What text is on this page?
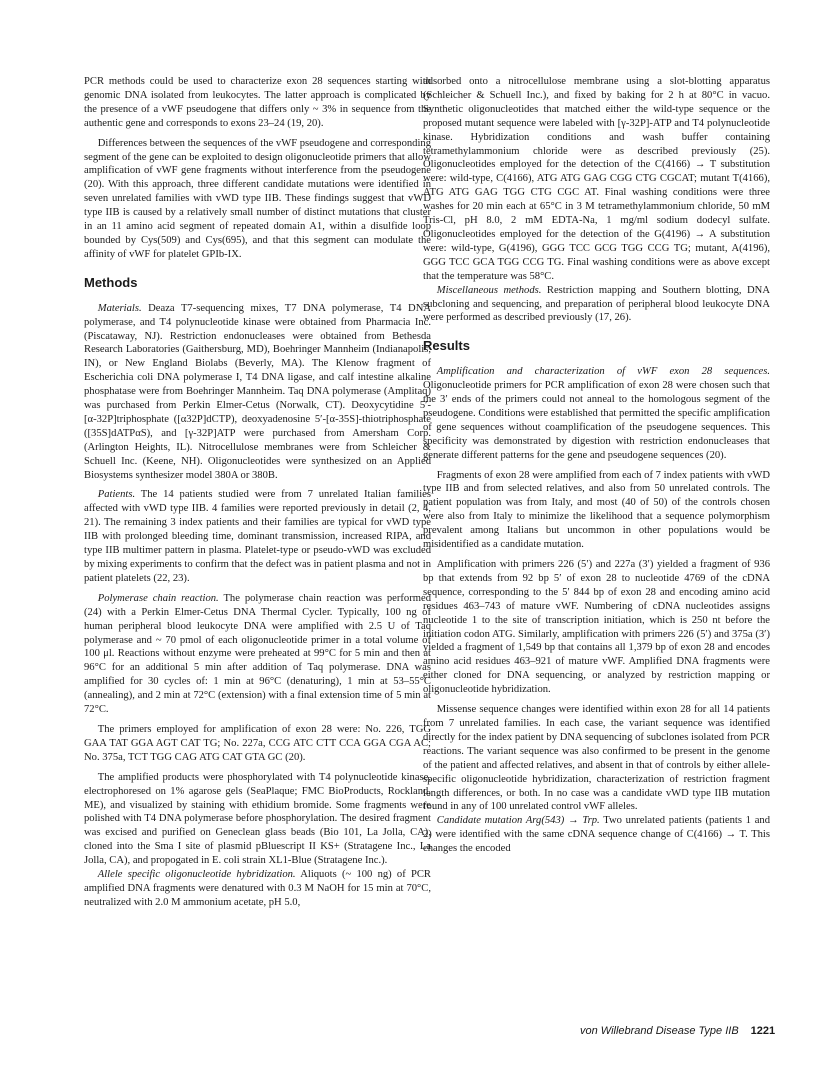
PCR methods could be used to characterize exon 28 sequences starting with genomic DNA isolated from leukocytes. The latter approach is complicated by the presence of a vWF pseudogene that differs only ~ 3% in sequence from the authentic gene and corresponds to exons 23–24 (19, 20).

Differences between the sequences of the vWF pseudogene and corresponding segment of the gene can be exploited to design oligonucleotide primers that allow amplification of vWF gene fragments without interference from the pseudogene (20). With this approach, three different candidate mutations were identified in seven unrelated families with vWD type IIB. These findings suggest that vWD type IIB is caused by a relatively small number of distinct mutations that cluster in an 11 amino acid segment of repeated domain A1, within a disulfide loop bounded by Cys(509) and Cys(695), and that this segment can modulate the affinity of vWF for platelet GPIb-IX.

Methods

Materials. Deaza T7-sequencing mixes, T7 DNA polymerase, T4 DNA polymerase, and T4 polynucleotide kinase were obtained from Pharmacia Inc. (Piscataway, NJ). Restriction endonucleases were obtained from Bethesda Research Laboratories (Gaithersburg, MD), Boehringer Mannheim (Indianapolis, IN), or New England Biolabs (Beverly, MA). The Klenow fragment of Escherichia coli DNA polymerase I, T4 DNA ligase, and calf intestine alkaline phosphatase were from Boehringer Mannheim. Taq DNA polymerase (Amplitaq) was purchased from Perkin Elmer-Cetus (Norwalk, CT). Deoxycytidine 5′-[α-32P]triphosphate ([α32P]dCTP), deoxyadenosine 5′-[α-35S]-thiotriphosphate ([35S]dATPαS), and [γ-32P]ATP were purchased from Amersham Corp. (Arlington Heights, IL). Nitrocellulose membranes were from Schleicher & Schuell Inc. (Keene, NH). Oligonucleotides were synthesized on an Applied Biosystems synthesizer model 380A or 380B.

Patients. The 14 patients studied were from 7 unrelated Italian families affected with vWD type IIB. 4 families were reported previously in detail (2, 4, 21). The remaining 3 index patients and their families are typical for vWD type IIB with prolonged bleeding time, dominant transmission, increased RIPA, and type IIB multimer pattern in plasma. Platelet-type or pseudo-vWD was excluded by mixing experiments to confirm that the defect was in patient plasma and not in patient platelets (22, 23).

Polymerase chain reaction. The polymerase chain reaction was performed (24) with a Perkin Elmer-Cetus DNA Thermal Cycler. Typically, 100 ng of human peripheral blood leukocyte DNA were amplified with 2.5 U of Taq polymerase and ~ 70 pmol of each oligonucleotide primer in a total volume of 100 μl. Reactions without enzyme were preheated at 99°C for 5 min and then at 96°C for an additional 5 min after addition of Taq polymerase. DNA was amplified for 30 cycles of: 1 min at 96°C (denaturing), 1 min at 53–55°C (annealing), and 2 min at 72°C (extension) with a final extension time of 5 min at 72°C.

The primers employed for amplification of exon 28 were: No. 226, TGG GAA TAT GGA AGT CAT TG; No. 227a, CCG ATC CTT CCA GGA CGA AC; No. 375a, TCT TGG CAG ATG CAT GTA GC (20).

The amplified products were phosphorylated with T4 polynucleotide kinase, electrophoresed on 1% agarose gels (SeaPlaque; FMC BioProducts, Rockland, ME), and visualized by staining with ethidium bromide. Some fragments were polished with T4 DNA polymerase before phosphorylation. The desired fragment was excised and purified on Geneclean glass beads (Bio 101, La Jolla, CA), cloned into the Sma I site of plasmid pBluescript II KS+ (Stratagene Inc., La Jolla, CA), and propogated in E. coli strain XL1-Blue (Stratagene Inc.).

Allele specific oligonucleotide hybridization. Aliquots (~ 100 ng) of PCR amplified DNA fragments were denatured with 0.3 M NaOH for 15 min at 70°C, neutralized with 2.0 M ammonium acetate, pH 5.0,

adsorbed onto a nitrocellulose membrane using a slot-blotting apparatus (Schleicher & Schuell Inc.), and fixed by baking for 2 h at 80°C in vacuo. Synthetic oligonucleotides that matched either the wild-type sequence or the proposed mutant sequence were labeled with [γ-32P]-ATP and T4 polynucleotide kinase. Hybridization conditions and wash buffer containing tetramethylammonium chloride were as described previously (25). Oligonucleotides employed for the detection of the C(4166) → T substitution were: wild-type, C(4166), ATG ATG GAG CGG CTG CGCAT; mutant T(4166), ATG ATG GAG TGG CTG CGC AT. Final washing conditions were three washes for 20 min each at 65°C in 3 M tetramethylammonium chloride, 50 mM Tris-Cl, pH 8.0, 2 mM EDTA-Na, 1 mg/ml sodium dodecyl sulfate. Oligonucleotides employed for the detection of the G(4196) → A substitution were: wild-type, G(4196), GGG TCC GCG TGG CCG TG; mutant, A(4196), GGG TCC GCA TGG CCG TG. Final washing conditions were as above except that the temperature was 58°C.

Miscellaneous methods. Restriction mapping and Southern blotting, DNA subcloning and sequencing, and preparation of peripheral blood leukocyte DNA were performed as described previously (17, 26).

Results

Amplification and characterization of vWF exon 28 sequences. Oligonucleotide primers for PCR amplification of exon 28 were chosen such that the 3′ ends of the primers could not anneal to the homologous segment of the pseudogene. Conditions were established that permitted the specific amplification of gene sequences without coamplification of the pseudogene sequences. This specificity was demonstrated by digestion with restriction endonucleases that generate different patterns for the gene and pseudogene sequences (20).

Fragments of exon 28 were amplified from each of 7 index patients with vWD type IIB and from selected relatives, and also from 50 unrelated controls. The patient population was from Italy, and most (40 of 50) of the controls chosen were also from Italy to minimize the likelihood that a sequence polymorphism prevalent among Italians but uncommon in other populations would be misidentified as a candidate mutation.

Amplification with primers 226 (5′) and 227a (3′) yielded a fragment of 936 bp that extends from 92 bp 5′ of exon 28 to nucleotide 4769 of the cDNA sequence, corresponding to the 5′ 844 bp of exon 28 and encoding amino acid residues 463–743 of mature vWF. Numbering of cDNA nucleotides assigns nucleotide 1 to the site of transcription initiation, which is 250 nt before the initiation codon ATG. Similarly, amplification with primers 226 (5′) and 375a (3′) yielded a fragment of 1,549 bp that contains all 1,379 bp of exon 28 and encodes amino acid residues 463–921 of mature vWF. Amplified DNA fragments were either cloned for DNA sequencing, or analyzed by restriction mapping or oligonucleotide hybridization.

Missense sequence changes were identified within exon 28 for all 14 patients from 7 unrelated families. In each case, the variant sequence was identified directly for the index patient by DNA sequencing of subclones isolated from PCR reactions. The variant sequence was also confirmed to be present in the genome of the patient and affected relatives, and absent in that of controls by either allele-specific oligonucleotide hybridization, characterization of restriction fragment length differences, or both. In no case was a candidate vWD type IIB mutation found in any of 100 unrelated control vWF alleles.

Candidate mutation Arg(543) → Trp. Two unrelated patients (patients 1 and 2) were identified with the same cDNA sequence change of C(4166) → T. This changes the encoded

von Willebrand Disease Type IIB 1221
